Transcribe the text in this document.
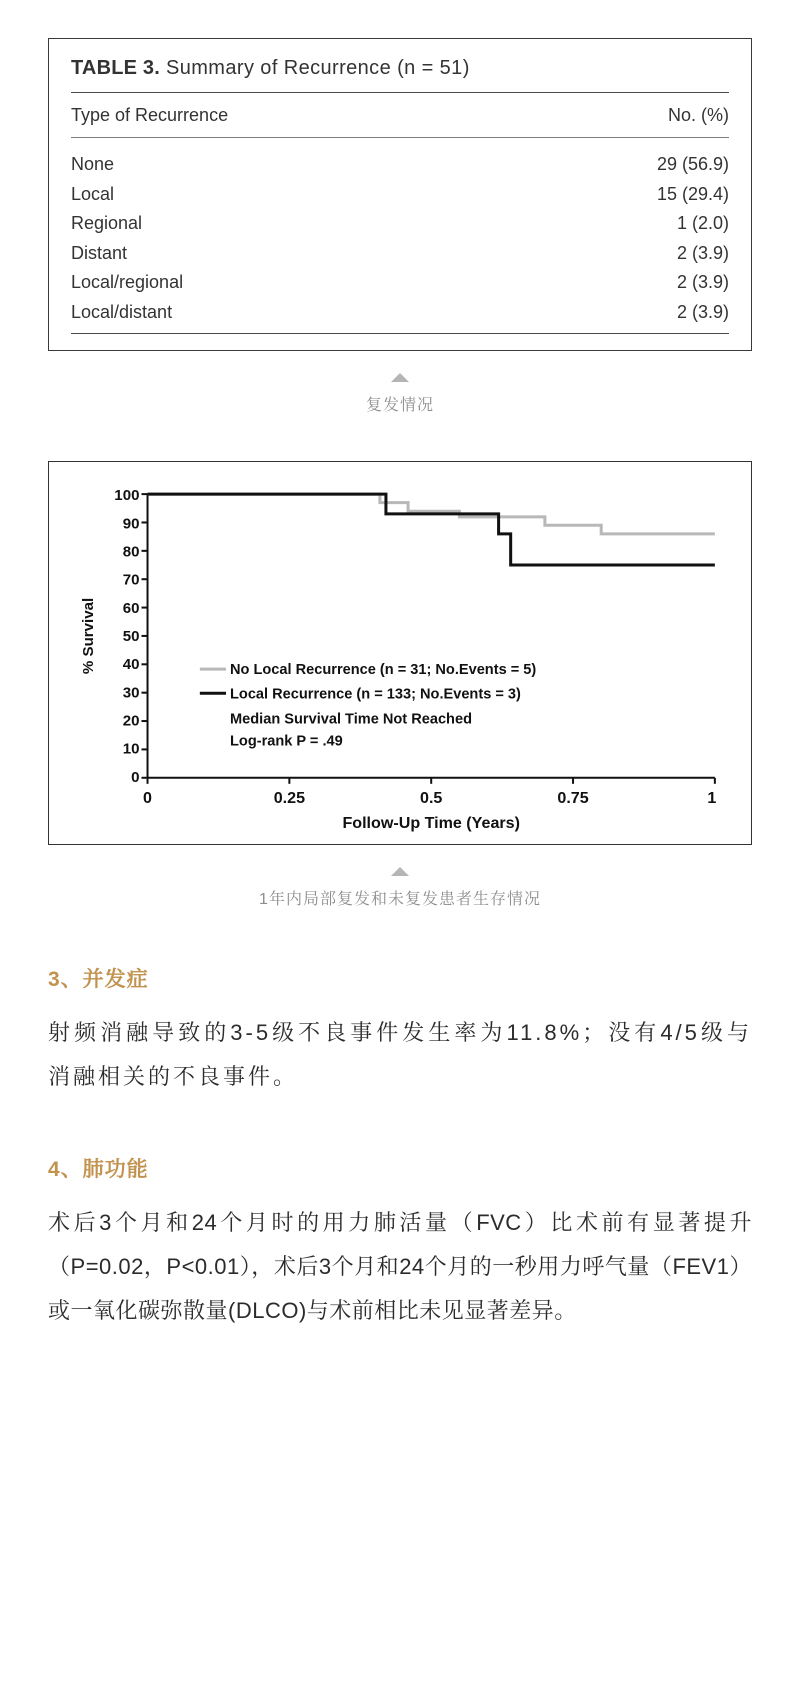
TABLE 3. Summary of Recurrence (n = 51)
Type of Recurrence	No. (%)
None	29 (56.9)
Local	15 (29.4)
Regional	1 (2.0)
Distant	2 (3.9)
Local/regional	2 (3.9)
Local/distant	2 (3.9)
复发情况
100
90
80
70
60
50
40
30
20
10
0
0	0.25	0.5	0.75	1
Follow-Up Time (Years)
% Survival	No Local Recurrence (n = 31; No.Events = 5)
Local Recurrence (n = 133; No.Events = 3)
Median Survival Time Not Reached
Log-rank P = .49
1年内局部复发和未复发患者生存情况
3、并发症
射频消融导致的3-5级不良事件发生率为11.8%；没有4/5级与消融相关的不良事件。
4、肺功能
术后3个月和24个月时的用力肺活量（FVC）比术前有显著提升（P=0.02，P<0.01），术后3个月和24个月的一秒用力呼气量（FEV1）或一氧化碳弥散量(DLCO)与术前相比未见显著差异。
